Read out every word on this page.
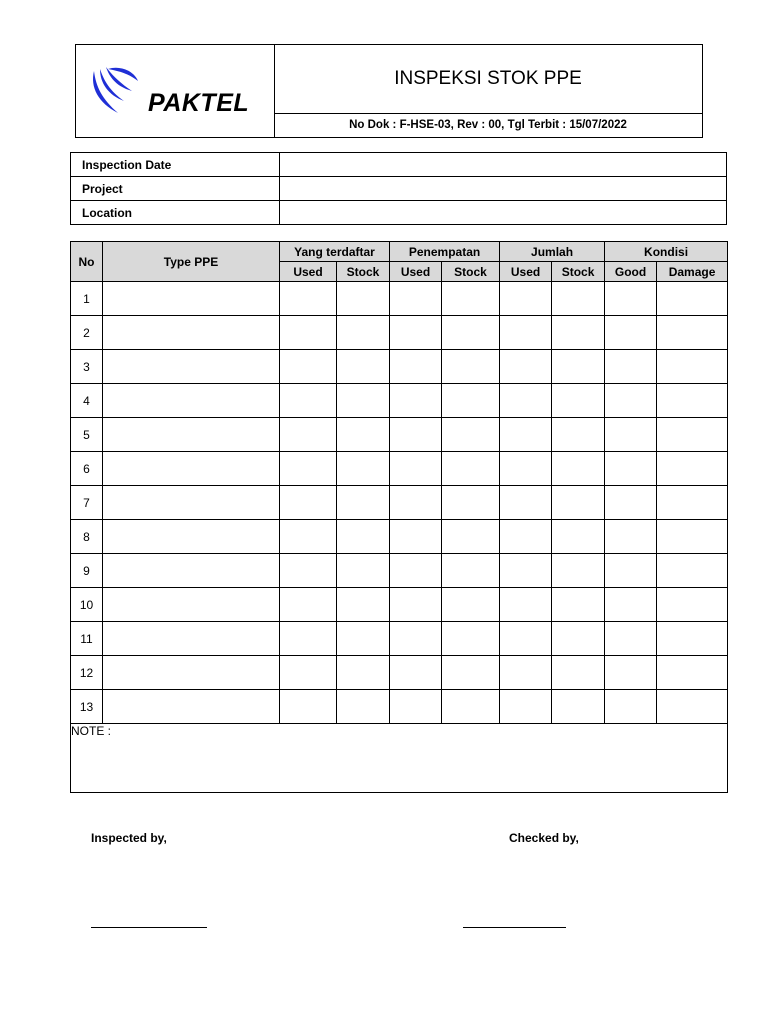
PAKTEL
INSPEKSI STOK PPE
No Dok : F-HSE-03, Rev : 00, Tgl Terbit : 15/07/2022
Inspection Date	
Project	
Location	
No	Type PPE	Yang terdaftar		Penempatan		Jumlah		Kondisi	
		Used	Stock	Used	Stock	Used	Stock	Good	Damage
1									
2									
3									
4									
5									
6									
7									
8									
9									
10									
11									
12									
13									
NOTE :									
Inspected by,	Checked by,
